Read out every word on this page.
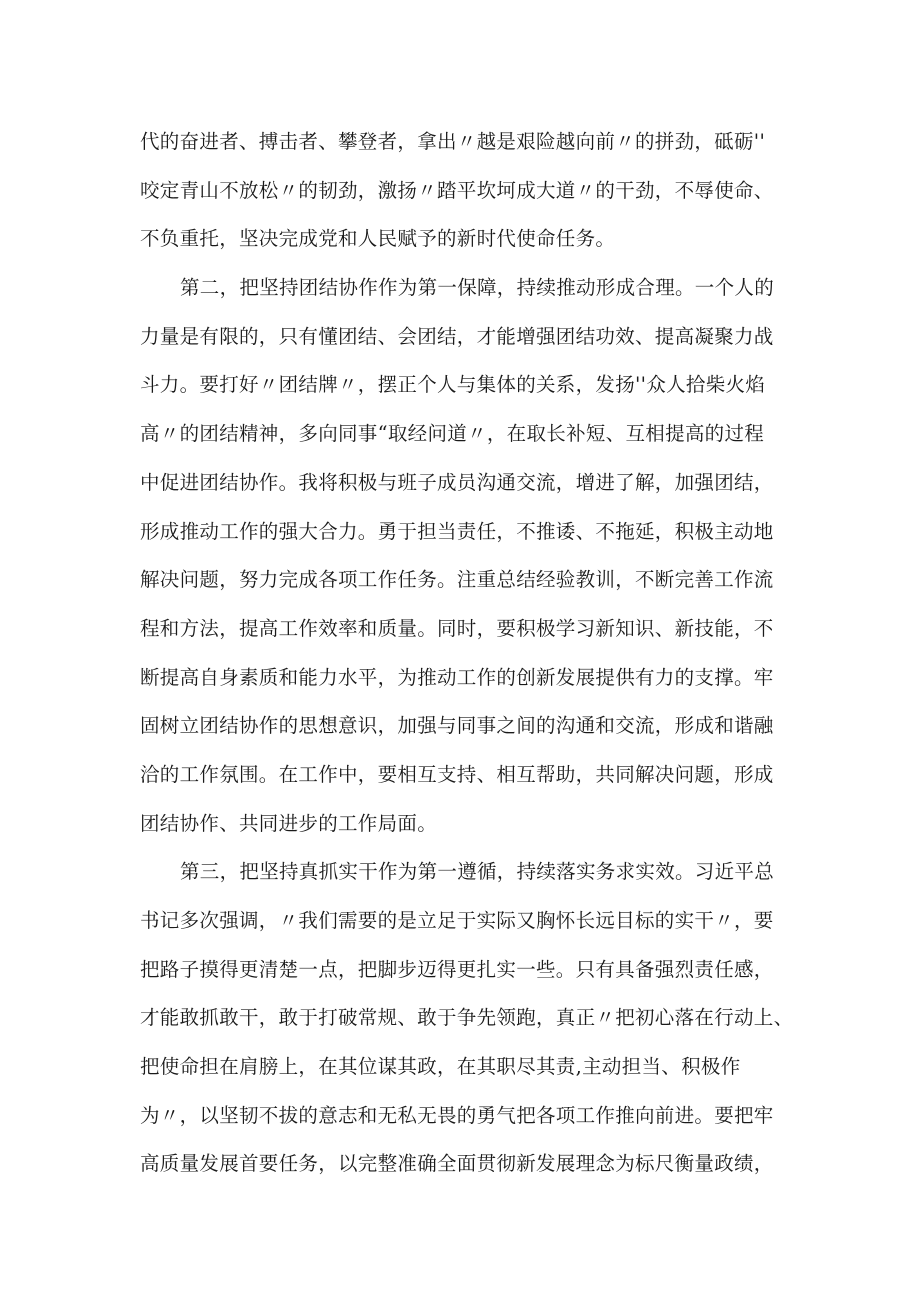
代的奋进者、搏击者、攀登者，拿出〃越是艰险越向前〃的拼劲，砥砺''
咬定青山不放松〃的韧劲，激扬〃踏平坎坷成大道〃的干劲，不辱使命、
不负重托，坚决完成党和人民赋予的新时代使命任务。
第二，把坚持团结协作作为第一保障，持续推动形成合理。一个人的
力量是有限的，只有懂团结、会团结，才能增强团结功效、提高凝聚力战
斗力。要打好〃团结牌〃，摆正个人与集体的关系，发扬''众人拾柴火焰
高〃的团结精神，多向同事“取经问道〃，在取长补短、互相提高的过程
中促进团结协作。我将积极与班子成员沟通交流，增进了解，加强团结，
形成推动工作的强大合力。勇于担当责任，不推诿、不拖延，积极主动地
解决问题，努力完成各项工作任务。注重总结经验教训，不断完善工作流
程和方法，提高工作效率和质量。同时，要积极学习新知识、新技能，不
断提高自身素质和能力水平，为推动工作的创新发展提供有力的支撑。牢
固树立团结协作的思想意识，加强与同事之间的沟通和交流，形成和谐融
洽的工作氛围。在工作中，要相互支持、相互帮助，共同解决问题，形成
团结协作、共同进步的工作局面。
第三，把坚持真抓实干作为第一遵循，持续落实务求实效。习近平总
书记多次强调，〃我们需要的是立足于实际又胸怀长远目标的实干〃，要
把路子摸得更清楚一点，把脚步迈得更扎实一些。只有具备强烈责任感，
才能敢抓敢干，敢于打破常规、敢于争先领跑，真正〃把初心落在行动上、
把使命担在肩膀上，在其位谋其政，在其职尽其责,主动担当、积极作
为〃，以坚韧不拔的意志和无私无畏的勇气把各项工作推向前进。要把牢
高质量发展首要任务，以完整准确全面贯彻新发展理念为标尺衡量政绩，
